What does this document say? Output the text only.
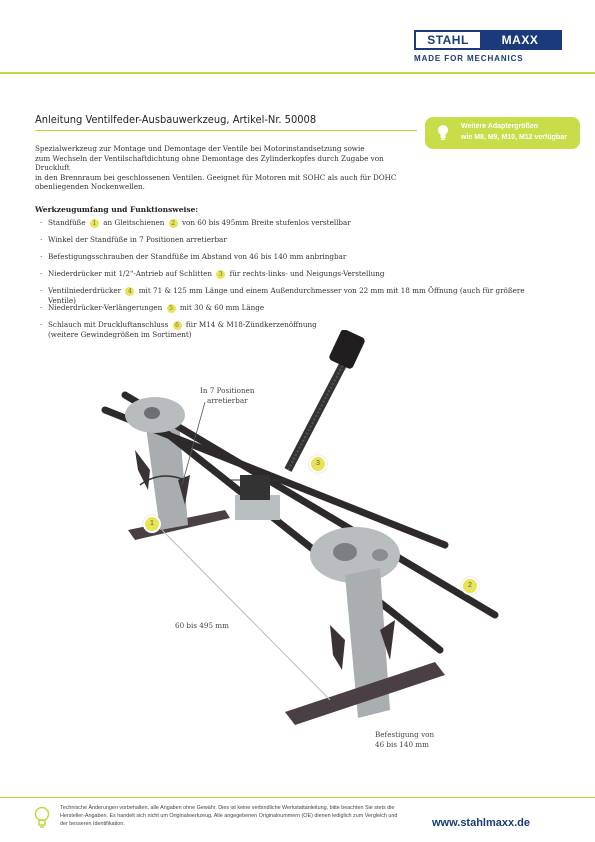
STAHL	MAXX
MADE FOR MECHANICS
Anleitung Ventilfeder-Ausbauwerkzeug, Artikel-Nr. 50008
Weitere Adaptergrößen
wie M8, M9, M10, M12 verfügbar
Spezialwerkzeug zur Montage und Demontage der Ventile bei Motorinstandsetzung sowie
zum Wechseln der Ventilschaftdichtung ohne Demontage des Zylinderkopfes durch Zugabe von Druckluft
in den Brennraum bei geschlossenen Ventilen. Geeignet für Motoren mit SOHC als auch für DOHC
obenliegenden Nockenwellen.
Werkzeugumfang und Funktionsweise:
· Standfüße 1 an Gleitschienen 2 von 60 bis 495mm Breite stufenlos verstellbar
· Winkel der Standfüße in 7 Positionen arretierbar
· Befestigungsschrauben der Standfüße im Abstand von 46 bis 140 mm anbringbar
· Niederdrücker mit 1/2"-Antrieb auf Schlitten 3 für rechts-links- und Neigungs-Verstellung
· Ventilniederdrücker 4 mit 71 & 125 mm Länge und einem Außendurchmesser von 22 mm mit 18 mm Öffnung (auch für größere Ventile)
· Niederdrücker-Verlängerungen 5 mit 30 & 60 mm Länge
· Schlauch mit Druckluftanschluss 6 für M14 & M18-Zündkerzenöffnung
(weitere Gewindegrößen im Sortiment)
In 7 Positionen
arretierbar
60 bis 495 mm
Befestigung von
46 bis 140 mm
1
2
3
Technische Änderungen vorbehalten, alle Angaben ohne Gewähr. Dies ist keine verbindliche Werkstattanleitung, bitte beachten Sie stets die Hersteller-Angaben. Es handelt sich nicht um Originalwerkzeug. Alle angegebenen Originalnummern (OE) dienen lediglich zum Vergleich und der besseren Identifikation.	www.stahlmaxx.de
